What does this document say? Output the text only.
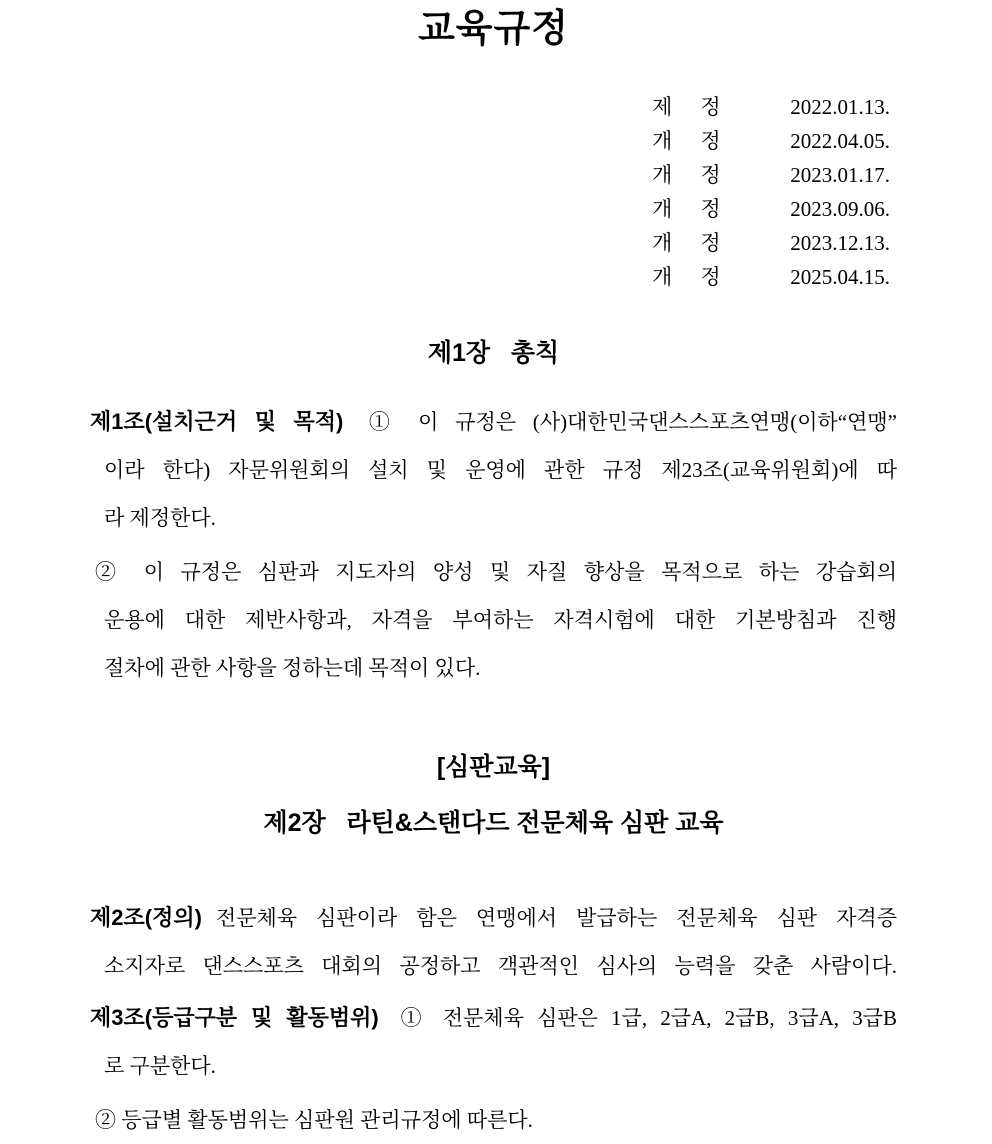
교육규정
제	정	2022.01.13.
개	정	2022.04.05.
개	정	2023.01.17.
개	정	2023.09.06.
개	정	2023.12.13.
개	정	2025.04.15.
제1장   총칙
제1조(설치근거 및 목적) ① 이 규정은 (사)대한민국댄스스포츠연맹(이하“연맹”
이라 한다) 자문위원회의 설치 및 운영에 관한 규정 제23조(교육위원회)에 따
라 제정한다.
② 이 규정은 심판과 지도자의 양성 및 자질 향상을 목적으로 하는 강습회의
운용에 대한 제반사항과, 자격을 부여하는 자격시험에 대한 기본방침과 진행
절차에 관한 사항을 정하는데 목적이 있다.
[심판교육]
제2장   라틴&스탠다드 전문체육 심판 교육
제2조(정의) 전문체육 심판이라 함은 연맹에서 발급하는 전문체육 심판 자격증
소지자로 댄스스포츠 대회의 공정하고 객관적인 심사의 능력을 갖춘 사람이다.
제3조(등급구분 및 활동범위) ① 전문체육 심판은 1급, 2급A, 2급B, 3급A, 3급B
로 구분한다.
② 등급별 활동범위는 심판원 관리규정에 따른다.
